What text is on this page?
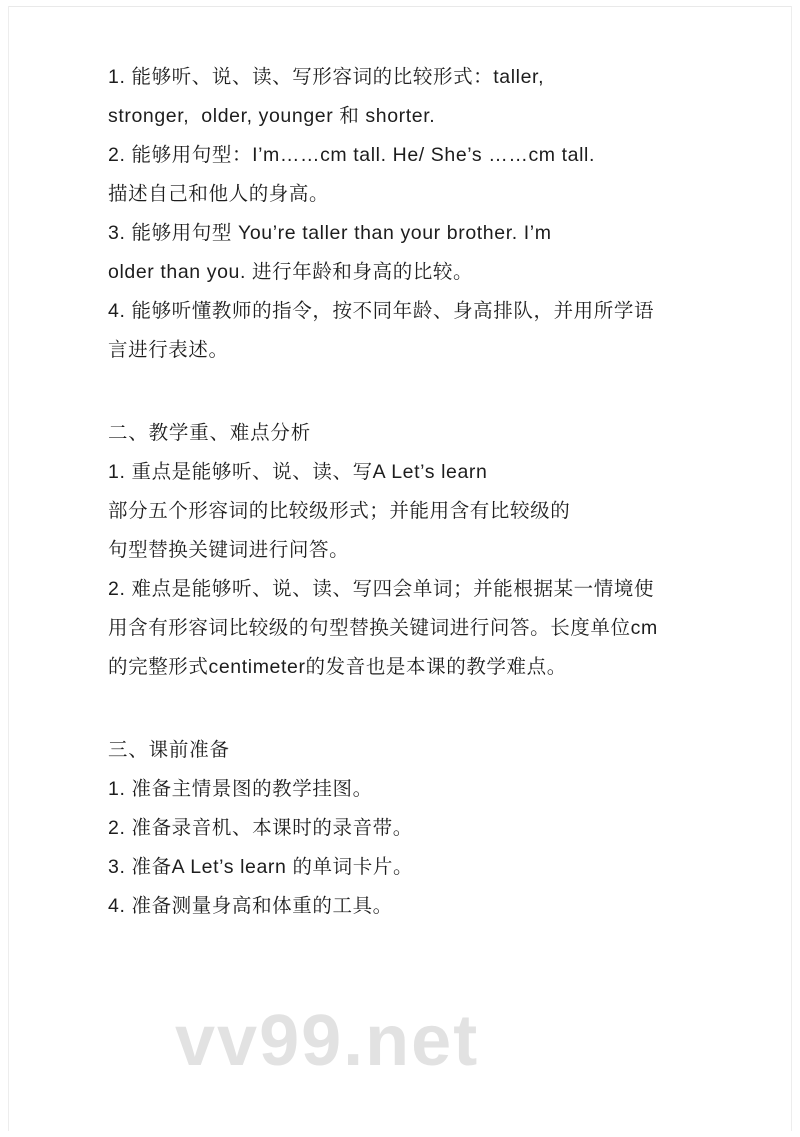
1. 能够听、说、读、写形容词的比较形式：taller,
stronger,  older, younger 和 shorter.
2. 能够用句型：I’m……cm tall. He/ She’s ……cm tall.
描述自己和他人的身高。
3. 能够用句型 You’re taller than your brother. I’m
older than you. 进行年龄和身高的比较。
4. 能够听懂教师的指令，按不同年龄、身高排队，并用所学语
言进行表述。
二、教学重、难点分析
1. 重点是能够听、说、读、写A Let’s learn
部分五个形容词的比较级形式；并能用含有比较级的
句型替换关键词进行问答。
2. 难点是能够听、说、读、写四会单词；并能根据某一情境使
用含有形容词比较级的句型替换关键词进行问答。长度单位cm
的完整形式centimeter的发音也是本课的教学难点。
三、课前准备
1. 准备主情景图的教学挂图。
2. 准备录音机、本课时的录音带。
3. 准备A Let’s learn 的单词卡片。
4. 准备测量身高和体重的工具。
vv99.net
